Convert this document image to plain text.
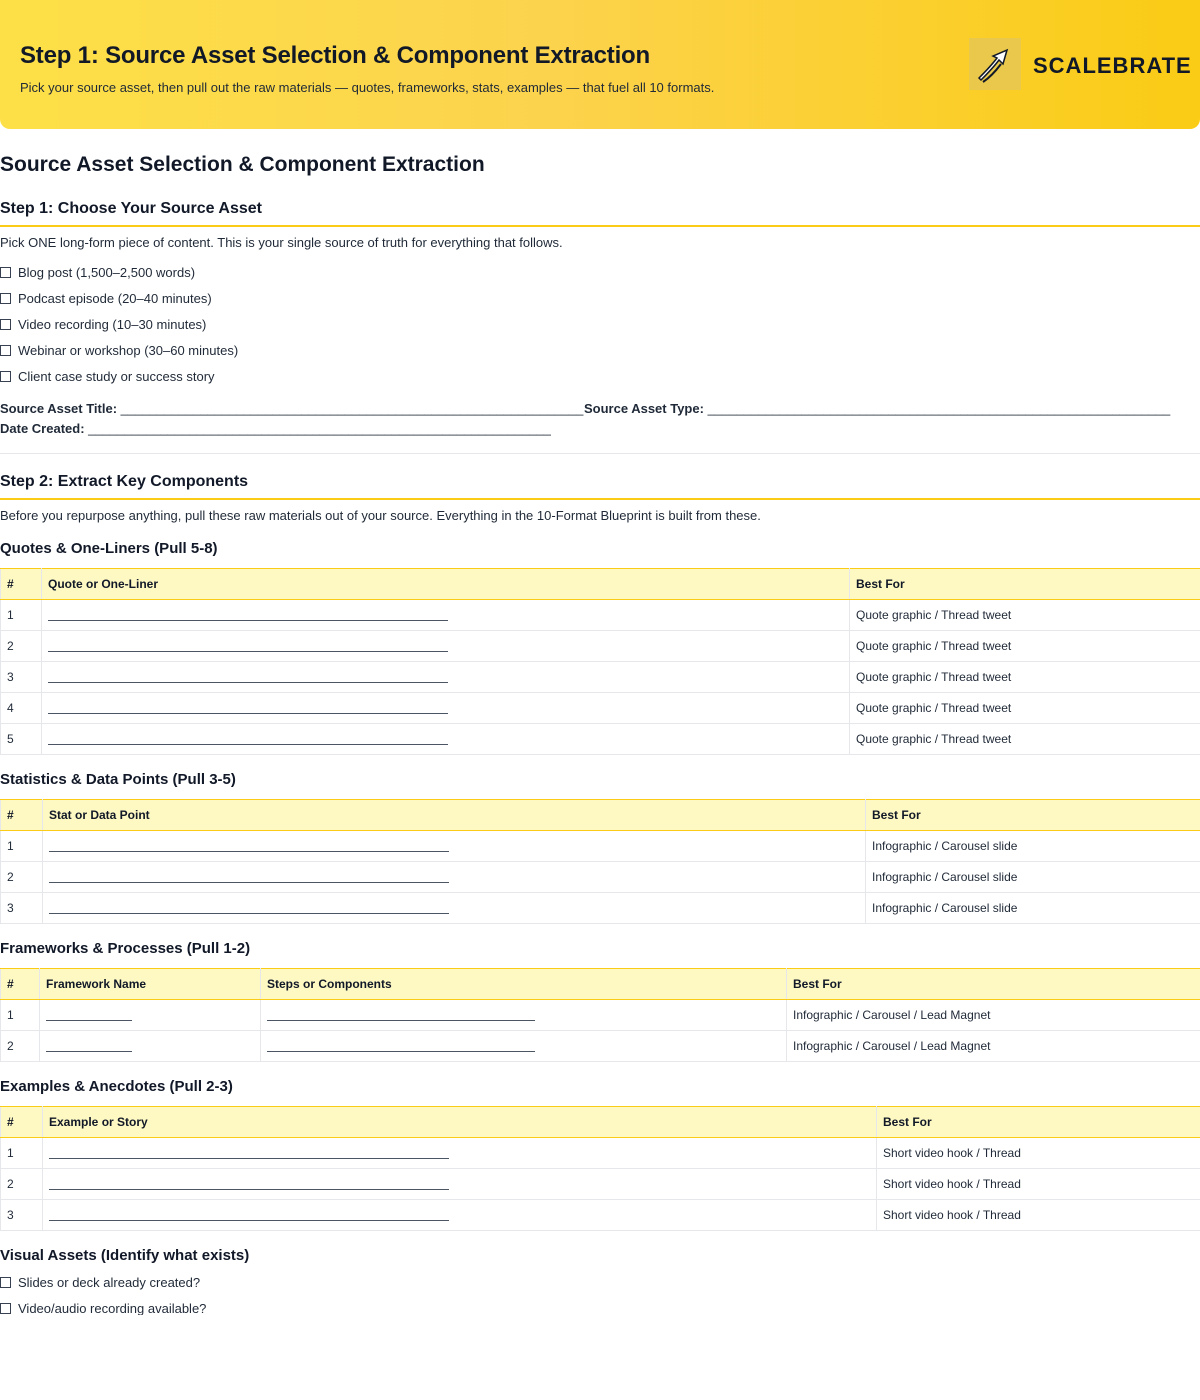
Step 1: Source Asset Selection & Component Extraction
Pick your source asset, then pull out the raw materials — quotes, frameworks, stats, examples — that fuel all 10 formats.
SCALEBRATE
Source Asset Selection & Component Extraction
Step 1: Choose Your Source Asset
Pick ONE long-form piece of content. This is your single source of truth for everything that follows.
Blog post (1,500–2,500 words)
Podcast episode (20–40 minutes)
Video recording (10–30 minutes)
Webinar or workshop (30–60 minutes)
Client case study or success story
Source Asset Title: ________________________________________________________________ Source Asset Type: ________________________________________________________________
Date Created: ________________________________________________________________
Step 2: Extract Key Components
Before you repurpose anything, pull these raw materials out of your source. Everything in the 10-Format Blueprint is built from these.
Quotes & One-Liners (Pull 5-8)
#	Quote or One-Liner	Best For
1		Quote graphic / Thread tweet
2		Quote graphic / Thread tweet
3		Quote graphic / Thread tweet
4		Quote graphic / Thread tweet
5		Quote graphic / Thread tweet
Statistics & Data Points (Pull 3-5)
#	Stat or Data Point	Best For
1		Infographic / Carousel slide
2		Infographic / Carousel slide
3		Infographic / Carousel slide
Frameworks & Processes (Pull 1-2)
#	Framework Name	Steps or Components	Best For
1			Infographic / Carousel / Lead Magnet
2			Infographic / Carousel / Lead Magnet
Examples & Anecdotes (Pull 2-3)
#	Example or Story	Best For
1		Short video hook / Thread
2		Short video hook / Thread
3		Short video hook / Thread
Visual Assets (Identify what exists)
Slides or deck already created?
Video/audio recording available?
